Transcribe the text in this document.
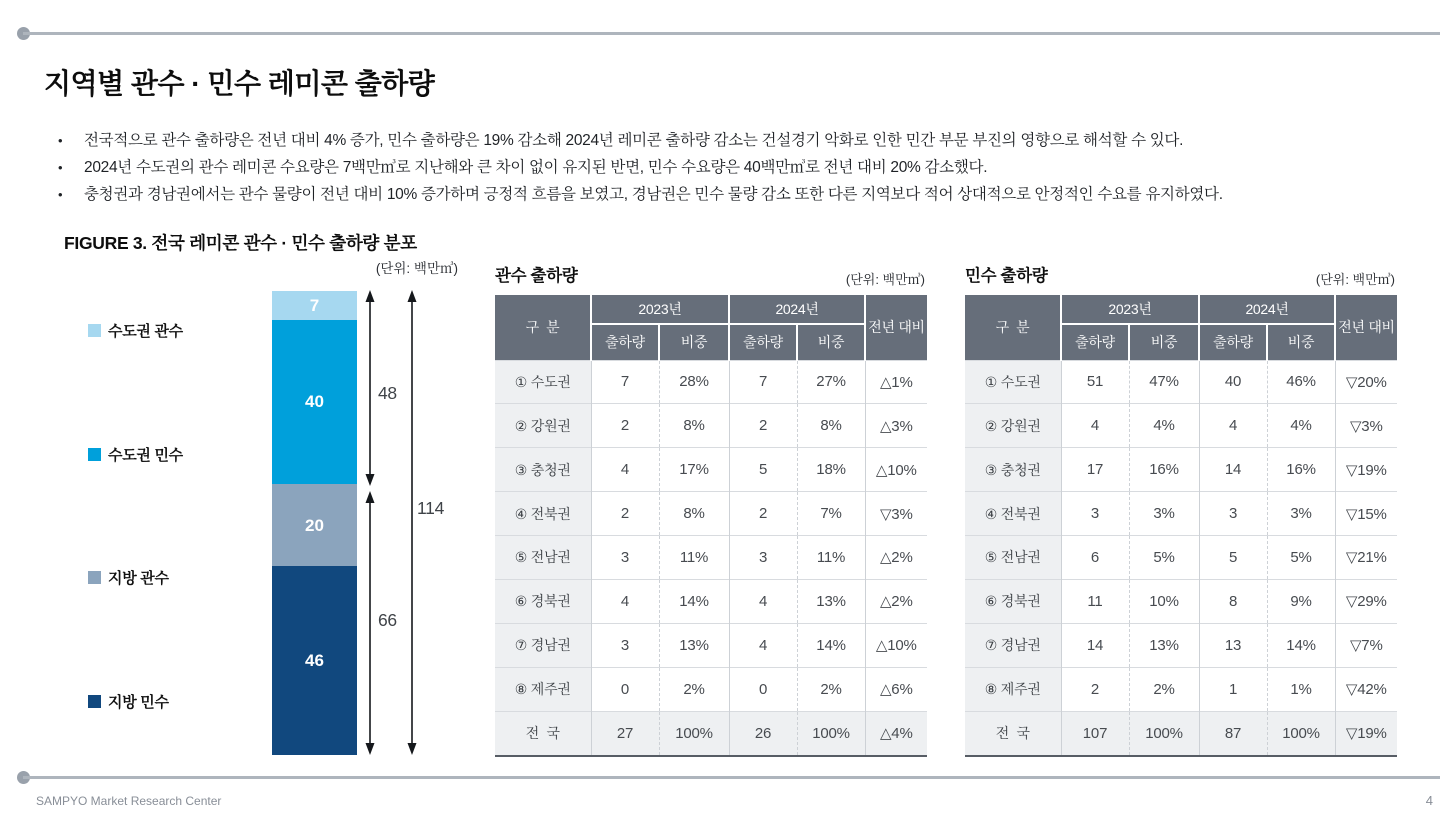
지역별 관수 · 민수 레미콘 출하량
• 전국적으로 관수 출하량은 전년 대비 4% 증가, 민수 출하량은 19% 감소해 2024년 레미콘 출하량 감소는 건설경기 악화로 인한 민간 부문 부진의 영향으로 해석할 수 있다.
• 2024년 수도권의 관수 레미콘 수요량은 7백만㎥로 지난해와 큰 차이 없이 유지된 반면, 민수 수요량은 40백만㎥로 전년 대비 20% 감소했다.
• 충청권과 경남권에서는 관수 물량이 전년 대비 10% 증가하며 긍정적 흐름을 보였고, 경남권은 민수 물량 감소 또한 다른 지역보다 적어 상대적으로 안정적인 수요를 유지하였다.
FIGURE 3. 전국 레미콘 관수 · 민수 출하량 분포
(단위: 백만㎥)
수도권 관수
수도권 민수
지방 관수
지방 민수
7
40
20
46
48
66
114
관수 출하량	(단위: 백만㎥)
구  분	2023년		2024년		전년 대비
	출하량	비중	출하량	비중	
① 수도권	7	28%	7	27%	△1%
② 강원권	2	8%	2	8%	△3%
③ 충청권	4	17%	5	18%	△10%
④ 전북권	2	8%	2	7%	▽3%
⑤ 전남권	3	11%	3	11%	△2%
⑥ 경북권	4	14%	4	13%	△2%
⑦ 경남권	3	13%	4	14%	△10%
⑧ 제주권	0	2%	0	2%	△6%
전  국	27	100%	26	100%	△4%
민수 출하량	(단위: 백만㎥)
구  분	2023년		2024년		전년 대비
	출하량	비중	출하량	비중	
① 수도권	51	47%	40	46%	▽20%
② 강원권	4	4%	4	4%	▽3%
③ 충청권	17	16%	14	16%	▽19%
④ 전북권	3	3%	3	3%	▽15%
⑤ 전남권	6	5%	5	5%	▽21%
⑥ 경북권	11	10%	8	9%	▽29%
⑦ 경남권	14	13%	13	14%	▽7%
⑧ 제주권	2	2%	1	1%	▽42%
전  국	107	100%	87	100%	▽19%
SAMPYO Market Research Center	4
